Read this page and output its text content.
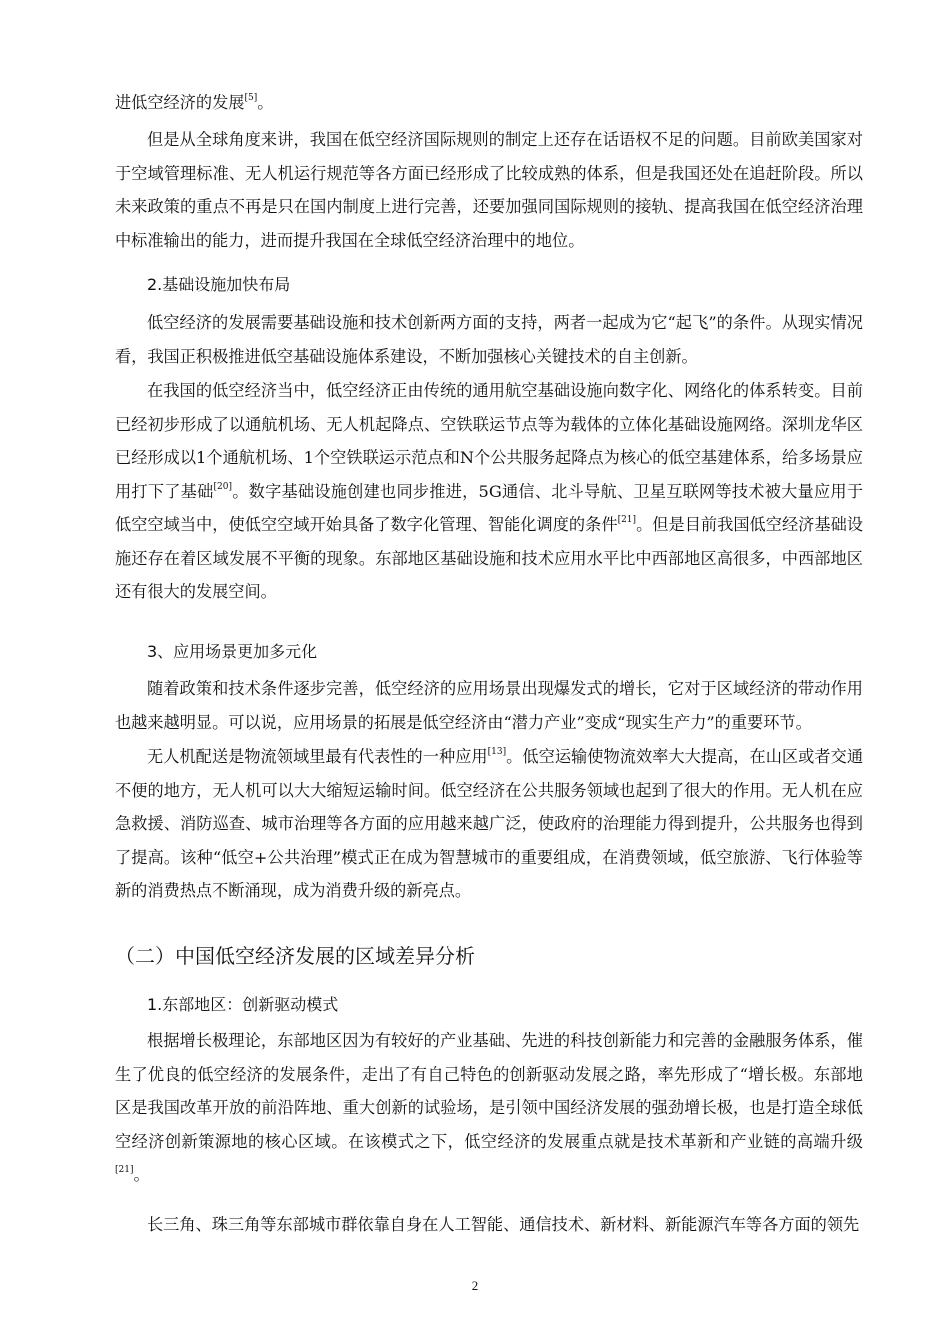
进低空经济的发展[5]。

但是从全球角度来讲，我国在低空经济国际规则的制定上还存在话语权不足的问题。目前欧美国家对于空域管理标准、无人机运行规范等各方面已经形成了比较成熟的体系，但是我国还处在追赶阶段。所以未来政策的重点不再是只在国内制度上进行完善，还要加强同国际规则的接轨、提高我国在低空经济治理中标准输出的能力，进而提升我国在全球低空经济治理中的地位。

2.基础设施加快布局

低空经济的发展需要基础设施和技术创新两方面的支持，两者一起成为它“起飞”的条件。从现实情况看，我国正积极推进低空基础设施体系建设，不断加强核心关键技术的自主创新。

在我国的低空经济当中，低空经济正由传统的通用航空基础设施向数字化、网络化的体系转变。目前已经初步形成了以通航机场、无人机起降点、空铁联运节点等为载体的立体化基础设施网络。深圳龙华区已经形成以1个通航机场、1个空铁联运示范点和N个公共服务起降点为核心的低空基建体系，给多场景应用打下了基础[20]。数字基础设施创建也同步推进，5G通信、北斗导航、卫星互联网等技术被大量应用于低空空域当中，使低空空域开始具备了数字化管理、智能化调度的条件[21]。但是目前我国低空经济基础设施还存在着区域发展不平衡的现象。东部地区基础设施和技术应用水平比中西部地区高很多，中西部地区还有很大的发展空间。

3、应用场景更加多元化

随着政策和技术条件逐步完善，低空经济的应用场景出现爆发式的增长，它对于区域经济的带动作用也越来越明显。可以说，应用场景的拓展是低空经济由“潜力产业”变成“现实生产力”的重要环节。

无人机配送是物流领域里最有代表性的一种应用[13]。低空运输使物流效率大大提高，在山区或者交通不便的地方，无人机可以大大缩短运输时间。低空经济在公共服务领域也起到了很大的作用。无人机在应急救援、消防巡查、城市治理等各方面的应用越来越广泛，使政府的治理能力得到提升，公共服务也得到了提高。该种“低空+公共治理”模式正在成为智慧城市的重要组成，在消费领域，低空旅游、飞行体验等新的消费热点不断涌现，成为消费升级的新亮点。

（二）中国低空经济发展的区域差异分析
1.东部地区：创新驱动模式

根据增长极理论，东部地区因为有较好的产业基础、先进的科技创新能力和完善的金融服务体系，催生了优良的低空经济的发展条件，走出了有自己特色的创新驱动发展之路，率先形成了“增长极。东部地区是我国改革开放的前沿阵地、重大创新的试验场，是引领中国经济发展的强劲增长极，也是打造全球低空经济创新策源地的核心区域。在该模式之下，低空经济的发展重点就是技术革新和产业链的高端升级[21]。

长三角、珠三角等东部城市群依靠自身在人工智能、通信技术、新材料、新能源汽车等各方面的领先

2
